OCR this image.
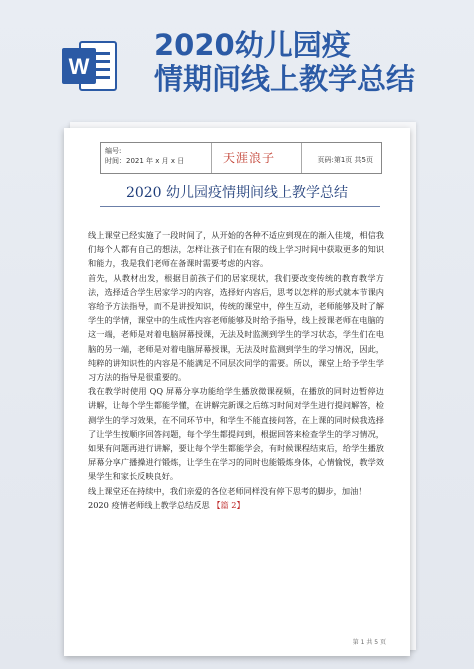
W
2020幼儿园疫
情期间线上教学总结
编号:
时间：2021 年 x 月 x 日	天涯浪子	页码:第1页 共5页
2020 幼儿园疫情期间线上教学总结

线上课堂已经实施了一段时间了，从开始的各种不适应到现在的渐入佳境，相信我们每个人都有自己的想法，怎样让孩子们在有限的线上学习时间中获取更多的知识和能力，我是我们老师在备课时需要考虑的内容。

首先，从教材出发，根据目前孩子们的居家现状，我们要改变传统的教育教学方法，选择适合学生居家学习的内容，选择好内容后，思考以怎样的形式就本节课内容给予方法指导，而不是讲授知识，传统的课堂中，停生互动，老师能够及时了解学生的学情，课堂中的生成性内容老师能够及时给予指导，线上授课老师在电脑的这一端，老师是对着电脑屏幕授课，无法及时监测到学生的学习状态，学生们在电脑的另一端，老师是对着电脑屏幕授课，无法及时监测到学生的学习情况，因此，纯粹的讲知识性的内容是不能满足不同层次同学的需要。所以，课堂上给予学生学习方法的指导是很重要的。

我在教学时使用 QQ 屏幕分享功能给学生播放微课视频，在播放的同时边暂停边讲解，让每个学生都能学懂，在讲解完新课之后练习时间对学生进行提问解答，检测学生的学习效果，在不同环节中，和学生不能直接问答，在上课的同时候我选择了让学生按顺序回答问题，每个学生都提问到，根据回答来检查学生的学习情况，如果有问题再进行讲解，要让每个学生都能学会，有时候课程结束后，给学生播放屏幕分享广播操进行锻炼，让学生在学习的同时也能锻炼身体，心情愉悦，教学效果学生和家长反映良好。

线上课堂还在持续中，我们亲爱的各位老师同样没有停下思考的脚步，加油！

2020 疫情老师线上教学总结反思 【篇 2】

第 1 共 5 页
